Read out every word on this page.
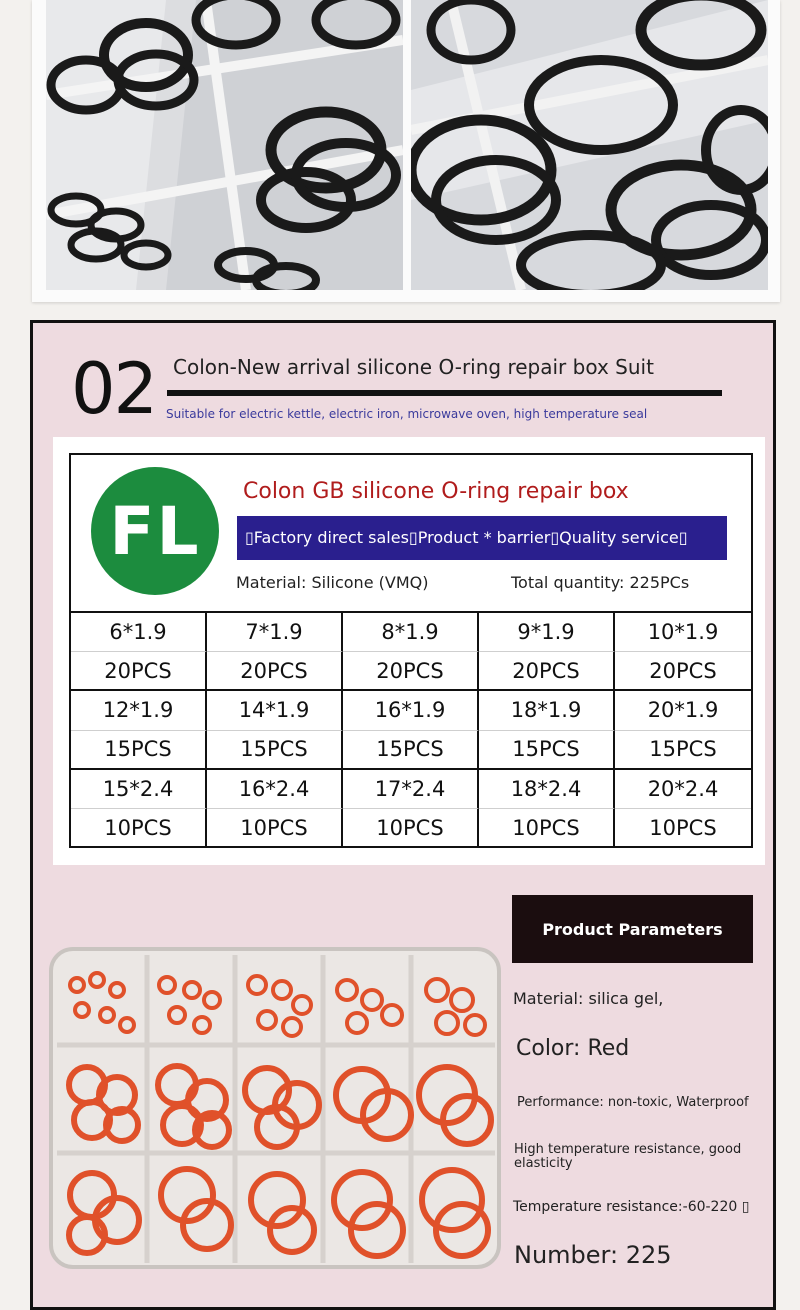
02 Colon-New arrival silicone O-ring repair box Suit
Suitable for electric kettle, electric iron, microwave oven, high temperature seal
FL
Colon GB silicone O-ring repair box
▯Factory direct sales▯Product * barrier▯Quality service▯
Material: Silicone (VMQ)	Total quantity: 225PCs
6*1.9	7*1.9	8*1.9	9*1.9	10*1.9
20PCS	20PCS	20PCS	20PCS	20PCS
12*1.9	14*1.9	16*1.9	18*1.9	20*1.9
15PCS	15PCS	15PCS	15PCS	15PCS
15*2.4	16*2.4	17*2.4	18*2.4	20*2.4
10PCS	10PCS	10PCS	10PCS	10PCS
Product Parameters
Material: silica gel,
Color: Red
Performance: non-toxic, Waterproof
High temperature resistance, good elasticity
Temperature resistance:-60-220 ▯
Number: 225
